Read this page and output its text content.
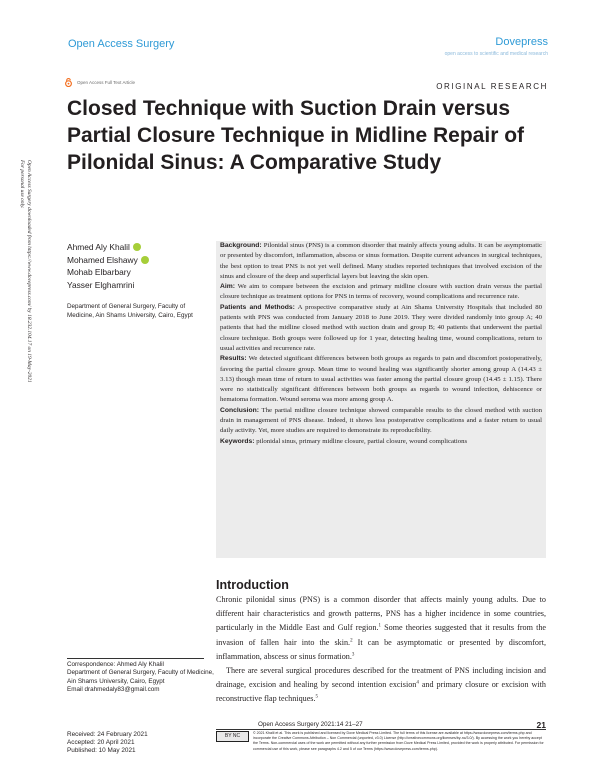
Open Access Surgery	Dovepress
open access to scientific and medical research
Open Access Full Text Article	ORIGINAL RESEARCH
Closed Technique with Suction Drain versus Partial Closure Technique in Midline Repair of Pilonidal Sinus: A Comparative Study
Open Access Surgery downloaded from https://www.dovepress.com/ by 18.232.104.17 on 19-May-2021
For personal use only.
Ahmed Aly Khalil
Mohamed Elshawy
Mohab Elbarbary
Yasser Elghamrini
Department of General Surgery, Faculty of Medicine, Ain Shams University, Cairo, Egypt

Background: Pilonidal sinus (PNS) is a common disorder that mainly affects young adults. It can be asymptomatic or presented by discomfort, inflammation, abscess or sinus formation. Despite current advances in surgical techniques, the best option to treat PNS is not yet well defined. Many studies reported techniques that involved excision of the sinus and closure of the deep and superficial layers but leaving the skin open.

Aim: We aim to compare between the excision and primary midline closure with suction drain versus the partial closure technique as treatment options for PNS in terms of recovery, wound complications and recurrence rate.

Patients and Methods: A prospective comparative study at Ain Shams University Hospitals that included 80 patients with PNS was conducted from January 2018 to June 2019. They were divided randomly into group A; 40 patients that had the midline closed method with suction drain and group B; 40 patients that underwent the partial closure technique. Both groups were followed up for 1 year, detecting healing time, wound complications, return to usual activities and recurrence rate.

Results: We detected significant differences between both groups as regards to pain and discomfort postoperatively, favoring the partial closure group. Mean time to wound healing was significantly shorter among group A (14.43 ± 3.13) though mean time of return to usual activities was faster among the partial closure group (14.45 ± 1.15). There were no statistically significant differences between both groups as regards to wound infection, dehiscence or hematoma formation. Wound seroma was more among group A.

Conclusion: The partial midline closure technique showed comparable results to the closed method with suction drain in management of PNS disease. Indeed, it shows less postoperative complications and a faster return to usual daily activity. Yet, more studies are required to demonstrate its reproducibility.

Keywords: pilonidal sinus, primary midline closure, partial closure, wound complications

Introduction

Chronic pilonidal sinus (PNS) is a common disorder that affects mainly young adults. Due to different hair characteristics and growth patterns, PNS has a higher incidence in some countries, particularly in the Middle East and Gulf region.$^1$ Some theories suggested that it results from the invasion of fallen hair into the skin.$^2$ It can be asymptomatic or presented by discomfort, inflammation, abscess or sinus formation.$^3$

There are several surgical procedures described for the treatment of PNS including incision and drainage, excision and healing by second intention excision$^4$ and primary closure or excision with reconstructive flap techniques.$^5$

Correspondence: Ahmed Aly Khalil
Department of General Surgery, Faculty of Medicine, Ain Shams University, Cairo, Egypt
Email drahmedaly83@gmail.com
Received: 24 February 2021
Accepted: 20 April 2021
Published: 10 May 2021
Open Access Surgery 2021:14 21–27	21
BY NC	© 2021 Khalil et al. This work is published and licensed by Dove Medical Press Limited. The full terms of this license are available at https://www.dovepress.com/terms.php and incorporate the Creative Commons Attribution – Non Commercial (unported, v3.0) License (http://creativecommons.org/licenses/by-nc/3.0/). By accessing the work you hereby accept the Terms. Non-commercial uses of the work are permitted without any further permission from Dove Medical Press Limited, provided the work is properly attributed. For permission for commercial use of this work, please see paragraphs 4.2 and 5 of our Terms (https://www.dovepress.com/terms.php).
